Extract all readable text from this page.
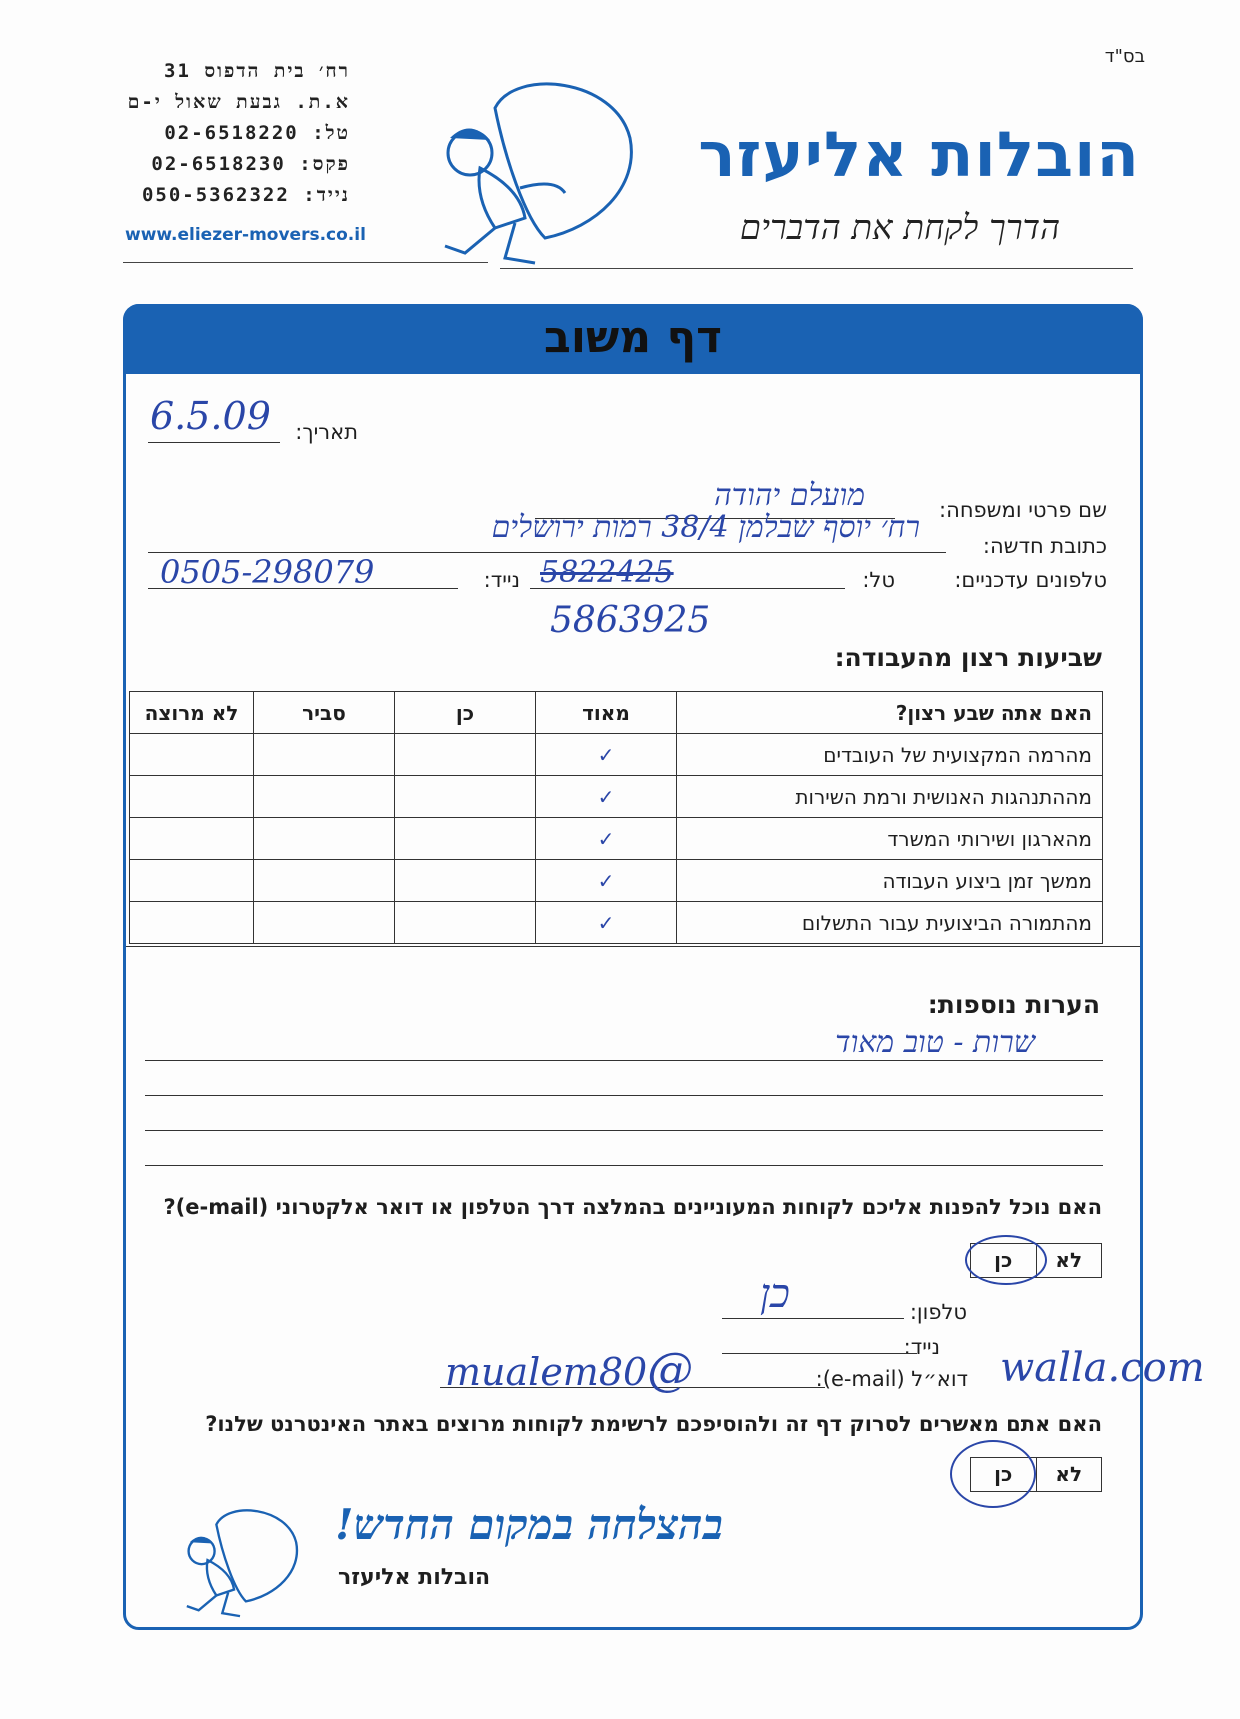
בס"ד
רח׳ בית הדפוס 31
א.ת. גבעת שאול י-ם
טל: 02-6518220
פקס: 02-6518230
נייד: 050-5362322
www.eliezer-movers.co.il
הובלות אליעזר
הדרך לקחת את הדברים
דף משוב
תאריך:
6.5.09
שם פרטי ומשפחה:
מועלם יהודה
כתובת חדשה:
רח׳ יוסף שבלמן 38/4 רמות ירושלים
טלפונים עדכניים:
טל:
5822425
5863925
נייד:
0505-298079
שביעות רצון מהעבודה:
האם אתה שבע רצון?	מאוד	כן	סביר	לא מרוצה
מהרמה המקצועית של העובדים	✓			
מההתנהגות האנושית ורמת השירות	✓			
מהארגון ושירותי המשרד	✓			
ממשך זמן ביצוע העבודה	✓			
מהתמורה הביצועית עבור התשלום	✓			
הערות נוספות:
שרות - טוב מאוד
האם נוכל להפנות אליכם לקוחות המעוניינים בהמלצה דרך הטלפון או דואר אלקטרוני (e-mail)?
לא
כן
טלפון:
כן
נייד:
דוא״ל (e-mail):
mualem80@	walla.com
האם אתם מאשרים לסרוק דף זה ולהוסיפכם לרשימת לקוחות מרוצים באתר האינטרנט שלנו?
לא
כן
בהצלחה במקום החדש!
הובלות אליעזר
